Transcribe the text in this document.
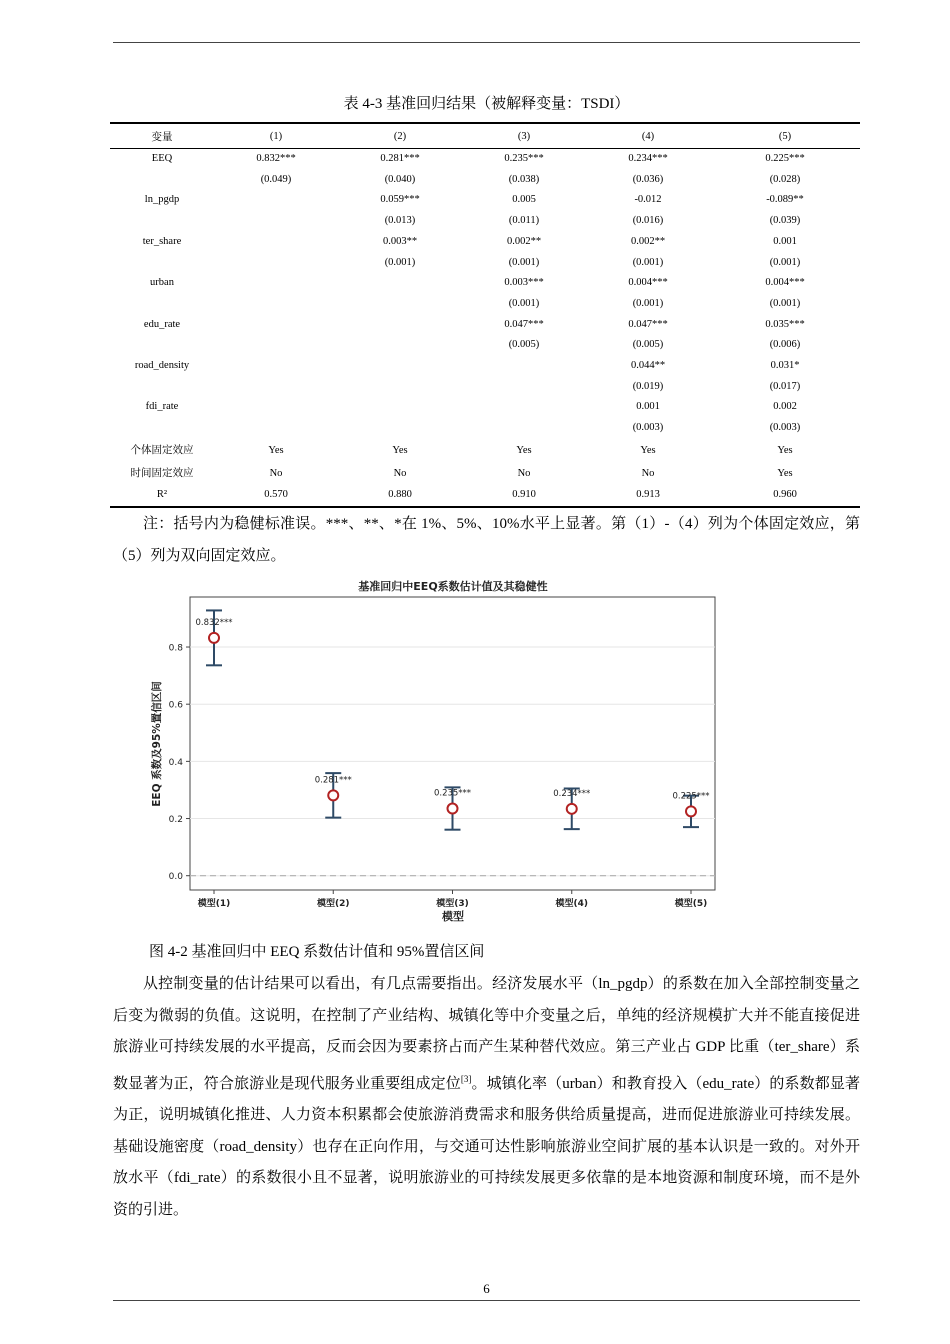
表 4-3 基准回归结果（被解释变量：TSDI）
变量	(1)	(2)	(3)	(4)	(5)
EEQ	0.832***	0.281***	0.235***	0.234***	0.225***
	(0.049)	(0.040)	(0.038)	(0.036)	(0.028)
ln_pgdp		0.059***	0.005	-0.012	-0.089**
		(0.013)	(0.011)	(0.016)	(0.039)
ter_share		0.003**	0.002**	0.002**	0.001
		(0.001)	(0.001)	(0.001)	(0.001)
urban			0.003***	0.004***	0.004***
			(0.001)	(0.001)	(0.001)
edu_rate			0.047***	0.047***	0.035***
			(0.005)	(0.005)	(0.006)
road_density				0.044**	0.031*
				(0.019)	(0.017)
fdi_rate				0.001	0.002
				(0.003)	(0.003)
个体固定效应	Yes	Yes	Yes	Yes	Yes
时间固定效应	No	No	No	No	Yes
R²	0.570	0.880	0.910	0.913	0.960
注：括号内为稳健标准误。***、**、*在 1%、5%、10%水平上显著。第（1）-（4）列为个体固定效应，第（5）列为双向固定效应。
基准回归中EEQ系数估计值及其稳健性
0.832***
0.281***
0.235***	0.234***	0.225***
0.0
0.2
0.4
0.6
0.8
模型(1)	模型(2)	模型(3)	模型(4)	模型(5)
模型
EEQ 系数及95%置信区间
图 4-2 基准回归中 EEQ 系数估计值和 95%置信区间
从控制变量的估计结果可以看出，有几点需要指出。经济发展水平（ln_pgdp）的系数在加入全部控制变量之后变为微弱的负值。这说明，在控制了产业结构、城镇化等中介变量之后，单纯的经济规模扩大并不能直接促进旅游业可持续发展的水平提高，反而会因为要素挤占而产生某种替代效应。第三产业占 GDP 比重（ter_share）系数显著为正，符合旅游业是现代服务业重要组成定位[3]。城镇化率（urban）和教育投入（edu_rate）的系数都显著为正，说明城镇化推进、人力资本积累都会使旅游消费需求和服务供给质量提高，进而促进旅游业可持续发展。基础设施密度（road_density）也存在正向作用，与交通可达性影响旅游业空间扩展的基本认识是一致的。对外开放水平（fdi_rate）的系数很小且不显著，说明旅游业的可持续发展更多依靠的是本地资源和制度环境，而不是外资的引进。
6
